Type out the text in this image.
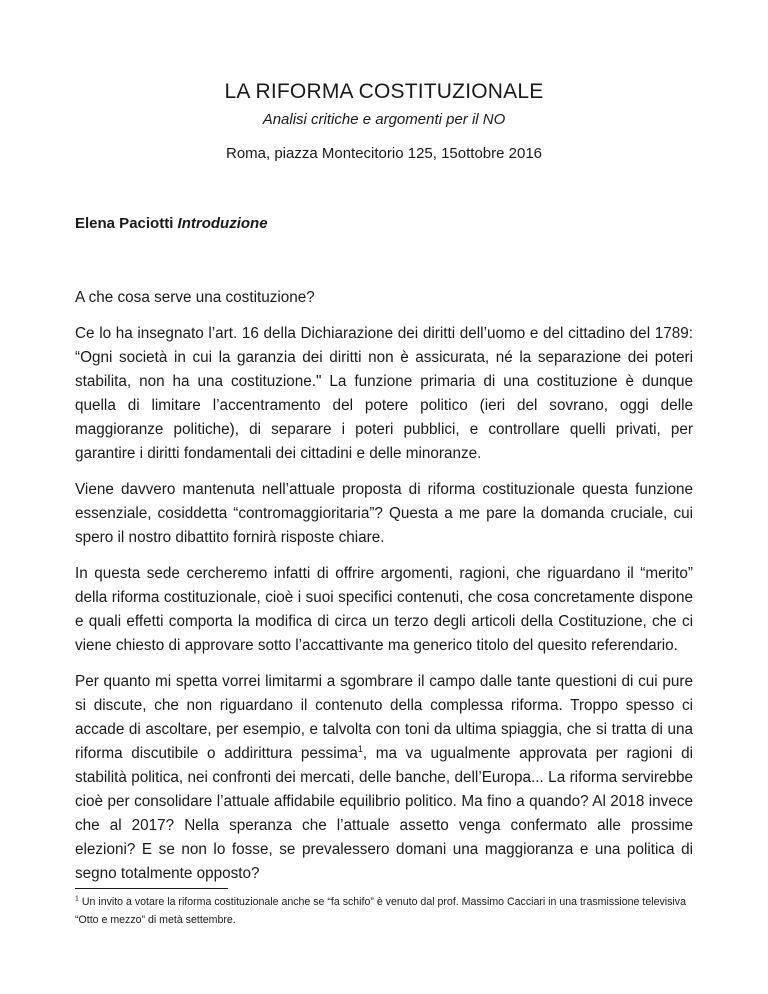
LA RIFORMA COSTITUZIONALE

Analisi critiche e argomenti per il NO

Roma, piazza Montecitorio 125, 15ottobre 2016

Elena Paciotti Introduzione

A che cosa serve una costituzione?

Ce lo ha insegnato l’art. 16 della Dichiarazione dei diritti dell’uomo e del cittadino del 1789: “Ogni società in cui la garanzia dei diritti non è assicurata, né la separazione dei poteri stabilita, non ha una costituzione." La funzione primaria di una costituzione è dunque quella di limitare l’accentramento del potere politico (ieri del sovrano, oggi delle maggioranze politiche), di separare i poteri pubblici, e controllare quelli privati, per garantire i diritti fondamentali dei cittadini e delle minoranze.

Viene davvero mantenuta nell’attuale proposta di riforma costituzionale questa funzione essenziale, cosiddetta “contromaggioritaria”? Questa a me pare la domanda cruciale, cui spero il nostro dibattito fornirà risposte chiare.

In questa sede cercheremo infatti di offrire argomenti, ragioni, che riguardano il “merito” della riforma costituzionale, cioè i suoi specifici contenuti, che cosa concretamente dispone e quali effetti comporta la modifica di circa un terzo degli articoli della Costituzione, che ci viene chiesto di approvare sotto l’accattivante ma generico titolo del quesito referendario.

Per quanto mi spetta vorrei limitarmi a sgombrare il campo dalle tante questioni di cui pure si discute, che non riguardano il contenuto della complessa riforma. Troppo spesso ci accade di ascoltare, per esempio, e talvolta con toni da ultima spiaggia, che si tratta di una riforma discutibile o addirittura pessima$^1$, ma va ugualmente approvata per ragioni di stabilità politica, nei confronti dei mercati, delle banche, dell’Europa... La riforma servirebbe cioè per consolidare l’attuale affidabile equilibrio politico. Ma fino a quando? Al 2018 invece che al 2017? Nella speranza che l’attuale assetto venga confermato alle prossime elezioni? E se non lo fosse, se prevalessero domani una maggioranza e una politica di segno totalmente opposto?

$^1$ Un invito a votare la riforma costituzionale anche se “fa schifo” è venuto dal prof. Massimo Cacciari in una trasmissione televisiva “Otto e mezzo” di metà settembre.
